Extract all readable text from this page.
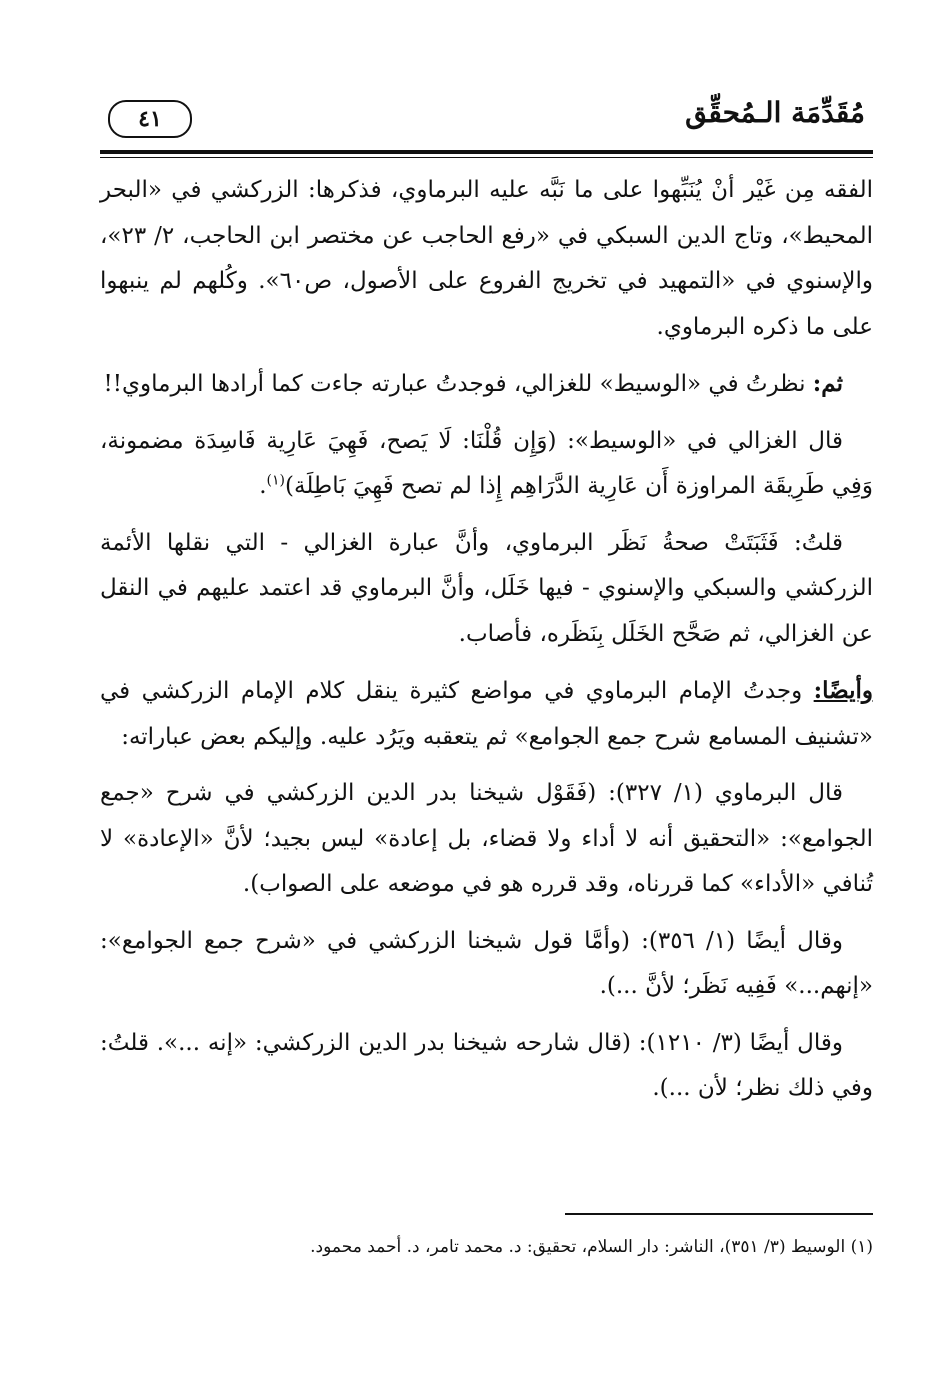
مُقَدِّمَة الـمُحقِّق
٤١

الفقه مِن غَيْر أنْ يُنَبِّهوا على ما نَبَّه عليه البرماوي، فذكرها: الزركشي في «البحر المحيط»، وتاج الدين السبكي في «رفع الحاجب عن مختصر ابن الحاجب، ٢/ ٢٣»، والإسنوي في «التمهيد في تخريج الفروع على الأصول، ص٦٠». وكُلهم لم ينبهوا على ما ذكره البرماوي.

ثم: نظرتُ في «الوسيط» للغزالي، فوجدتُ عبارته جاءت كما أرادها البرماوي!!

قال الغزالي في «الوسيط»: (وَإِن قُلْنَا: لَا يَصح، فَهِيَ عَارِية فَاسِدَة مضمونة، وَفِي طَرِيقَة المراوزة أَن عَارِية الدَّرَاهِم إِذا لم تصح فَهِيَ بَاطِلَة)$^{(١)}$.

قلتُ: فَثَبَتَتْ صحةُ نَظَر البرماوي، وأنَّ عبارة الغزالي - التي نقلها الأئمة الزركشي والسبكي والإسنوي - فيها خَلَل، وأنَّ البرماوي قد اعتمد عليهم في النقل عن الغزالي، ثم صَحَّح الخَلَل بِنَظَره، فأصاب.

وأيضًا: وجدتُ الإمام البرماوي في مواضع كثيرة ينقل كلام الإمام الزركشي في «تشنيف المسامع شرح جمع الجوامع» ثم يتعقبه ويَرُد عليه. وإليكم بعض عباراته:

قال البرماوي (١/ ٣٢٧): (فَقَوْل شيخنا بدر الدين الزركشي في شرح «جمع الجوامع»: «التحقيق أنه لا أداء ولا قضاء، بل إعادة» ليس بجيد؛ لأنَّ «الإعادة» لا تُنافي «الأداء» كما قررناه، وقد قرره هو في موضعه على الصواب).

وقال أيضًا (١/ ٣٥٦): (وأمَّا قول شيخنا الزركشي في «شرح جمع الجوامع»: «إنهم...» فَفِيه نَظَر؛ لأنَّ ...).

وقال أيضًا (٣/ ١٢١٠): (قال شارحه شيخنا بدر الدين الزركشي: «إنه ...». قلتُ: وفي ذلك نظر؛ لأن ...).

(١) الوسيط (٣/ ٣٥١)، الناشر: دار السلام، تحقيق: د. محمد تامر، د. أحمد محمود.
